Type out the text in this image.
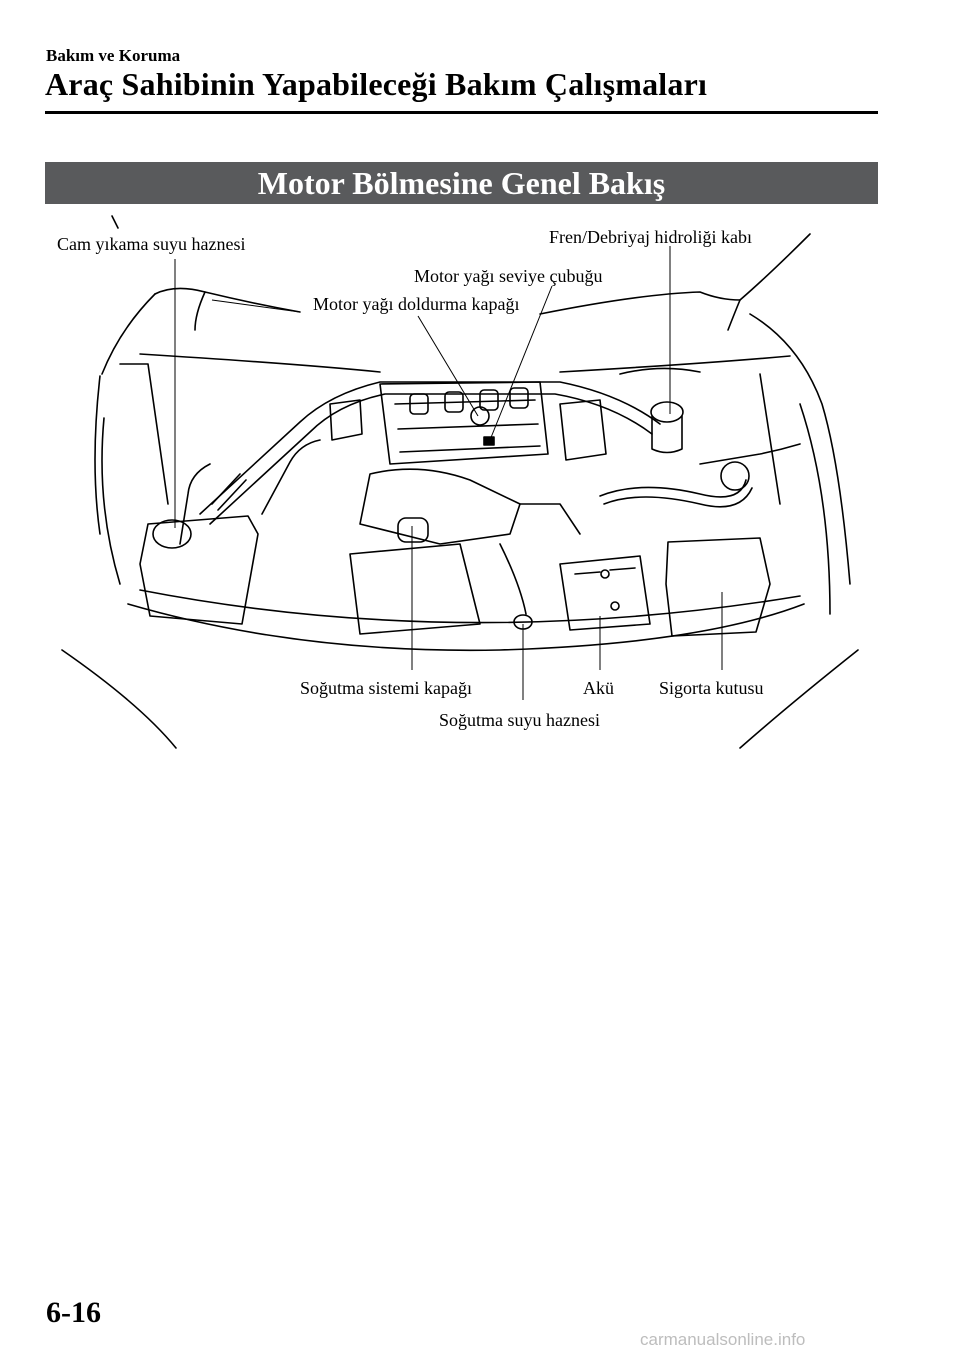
Bakım ve Koruma
Araç Sahibinin Yapabileceği Bakım Çalışmaları
Motor Bölmesine Genel Bakış
Cam yıkama suyu haznesi	Fren/Debriyaj hidroliği kabı
Motor yağı seviye çubuğu
Motor yağı doldurma kapağı
Soğutma sistemi kapağı	Akü	Sigorta kutusu
Soğutma suyu haznesi
6-16
carmanualsonline.info
